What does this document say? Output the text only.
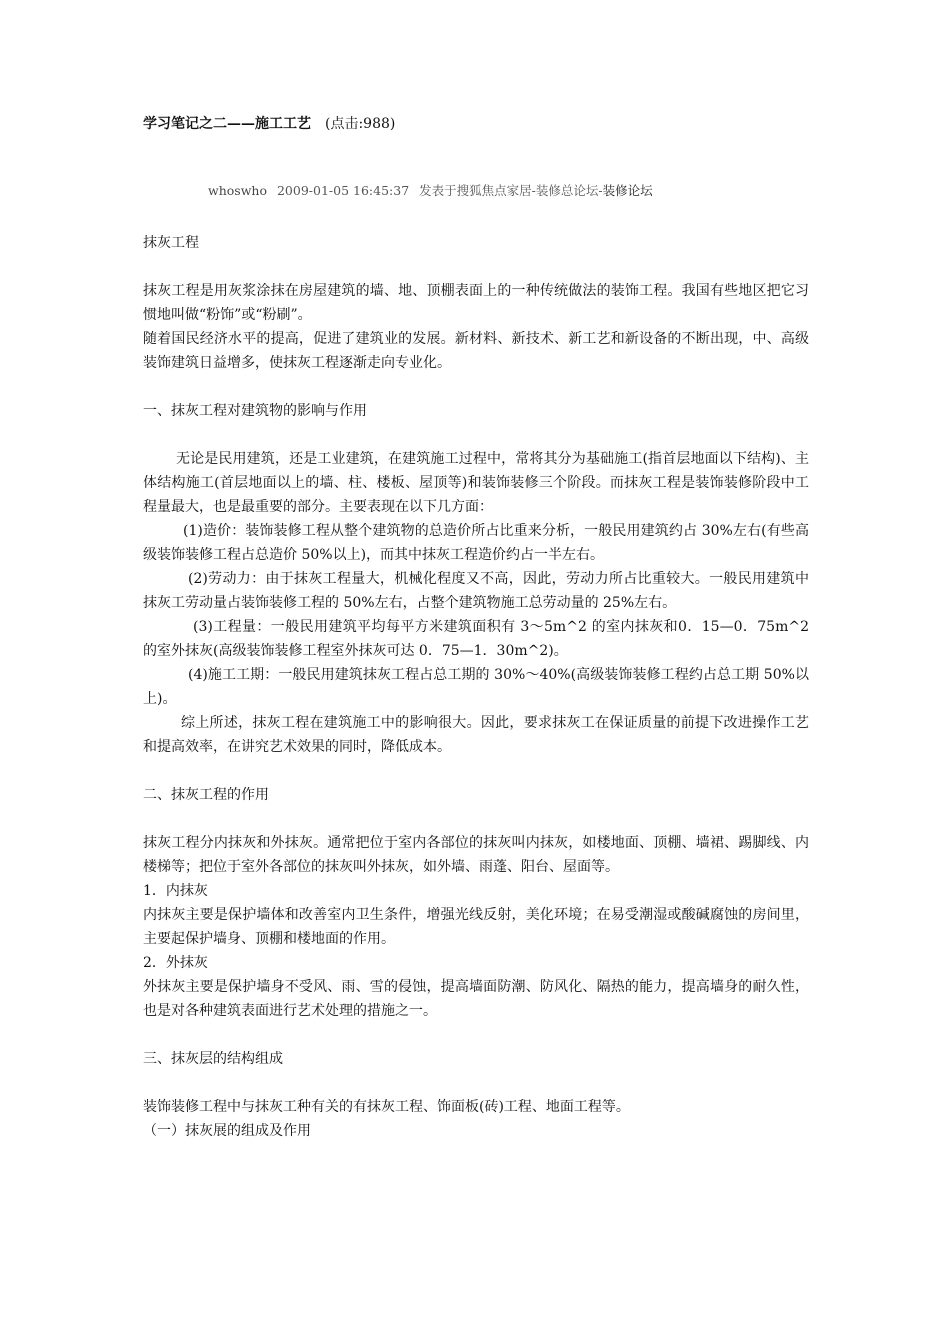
学习笔记之二——施工工艺 (点击:988)
whoswho 2009-01-05 16:45:37 发表于搜狐焦点家居-装修总论坛-装修论坛

抹灰工程

抹灰工程是用灰浆涂抹在房屋建筑的墙、地、顶棚表面上的一种传统做法的装饰工程。我国有些地区把它习惯地叫做“粉饰”或“粉刷”。

随着国民经济水平的提高，促进了建筑业的发展。新材料、新技术、新工艺和新设备的不断出现，中、高级装饰建筑日益增多，使抹灰工程逐渐走向专业化。

一、抹灰工程对建筑物的影响与作用

无论是民用建筑，还是工业建筑，在建筑施工过程中，常将其分为基础施工(指首层地面以下结构)、主体结构施工(首层地面以上的墙、柱、楼板、屋顶等)和装饰装修三个阶段。而抹灰工程是装饰装修阶段中工程量最大，也是最重要的部分。主要表现在以下几方面：

(1)造价：装饰装修工程从整个建筑物的总造价所占比重来分析，一般民用建筑约占 30%左右(有些高级装饰装修工程占总造价 50%以上)，而其中抹灰工程造价约占一半左右。

(2)劳动力：由于抹灰工程量大，机械化程度又不高，因此，劳动力所占比重较大。一般民用建筑中抹灰工劳动量占装饰装修工程的 50%左右，占整个建筑物施工总劳动量的 25%左右。

(3)工程量：一般民用建筑平均每平方米建筑面积有 3～5m^2 的室内抹灰和0．15—0．75m^2 的室外抹灰(高级装饰装修工程室外抹灰可达 0．75—1．30m^2)。

(4)施工工期：一般民用建筑抹灰工程占总工期的 30%～40%(高级装饰装修工程约占总工期 50%以上)。

综上所述，抹灰工程在建筑施工中的影响很大。因此，要求抹灰工在保证质量的前提下改进操作工艺和提高效率，在讲究艺术效果的同时，降低成本。

二、抹灰工程的作用

抹灰工程分内抹灰和外抹灰。通常把位于室内各部位的抹灰叫内抹灰，如楼地面、顶棚、墙裙、踢脚线、内楼梯等；把位于室外各部位的抹灰叫外抹灰，如外墙、雨蓬、阳台、屋面等。

1．内抹灰

内抹灰主要是保护墙体和改善室内卫生条件，增强光线反射，美化环境；在易受潮湿或酸碱腐蚀的房间里，主要起保护墙身、顶棚和楼地面的作用。

2．外抹灰

外抹灰主要是保护墙身不受风、雨、雪的侵蚀，提高墙面防潮、防风化、隔热的能力，提高墙身的耐久性，也是对各种建筑表面进行艺术处理的措施之一。

三、抹灰层的结构组成

装饰装修工程中与抹灰工种有关的有抹灰工程、饰面板(砖)工程、地面工程等。

（一）抹灰展的组成及作用
